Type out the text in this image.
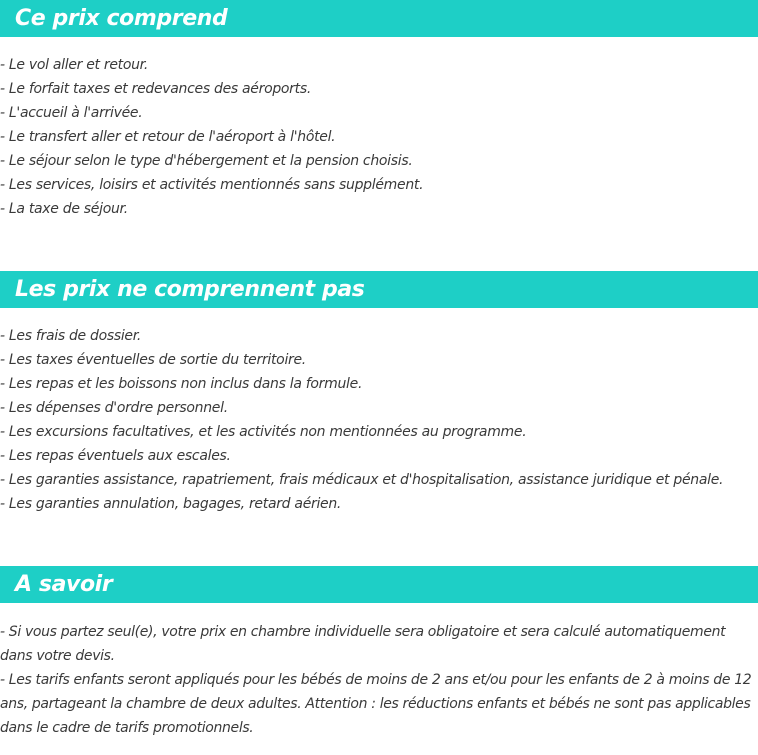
Ce prix comprend
- Le vol aller et retour.
- Le forfait taxes et redevances des aéroports.
- L'accueil à l'arrivée.
- Le transfert aller et retour de l'aéroport à l'hôtel.
- Le séjour selon le type d'hébergement et la pension choisis.
- Les services, loisirs et activités mentionnés sans supplément.
- La taxe de séjour.
Les prix ne comprennent pas
- Les frais de dossier.
- Les taxes éventuelles de sortie du territoire.
- Les repas et les boissons non inclus dans la formule.
- Les dépenses d'ordre personnel.
- Les excursions facultatives, et les activités non mentionnées au programme.
- Les repas éventuels aux escales.
- Les garanties assistance, rapatriement, frais médicaux et d'hospitalisation, assistance juridique et pénale.
- Les garanties annulation, bagages, retard aérien.
A savoir

- Si vous partez seul(e), votre prix en chambre individuelle sera obligatoire et sera calculé automatiquement dans votre devis.

- Les tarifs enfants seront appliqués pour les bébés de moins de 2 ans et/ou pour les enfants de 2 à moins de 12 ans, partageant la chambre de deux adultes. Attention : les réductions enfants et bébés ne sont pas applicables dans le cadre de tarifs promotionnels.
